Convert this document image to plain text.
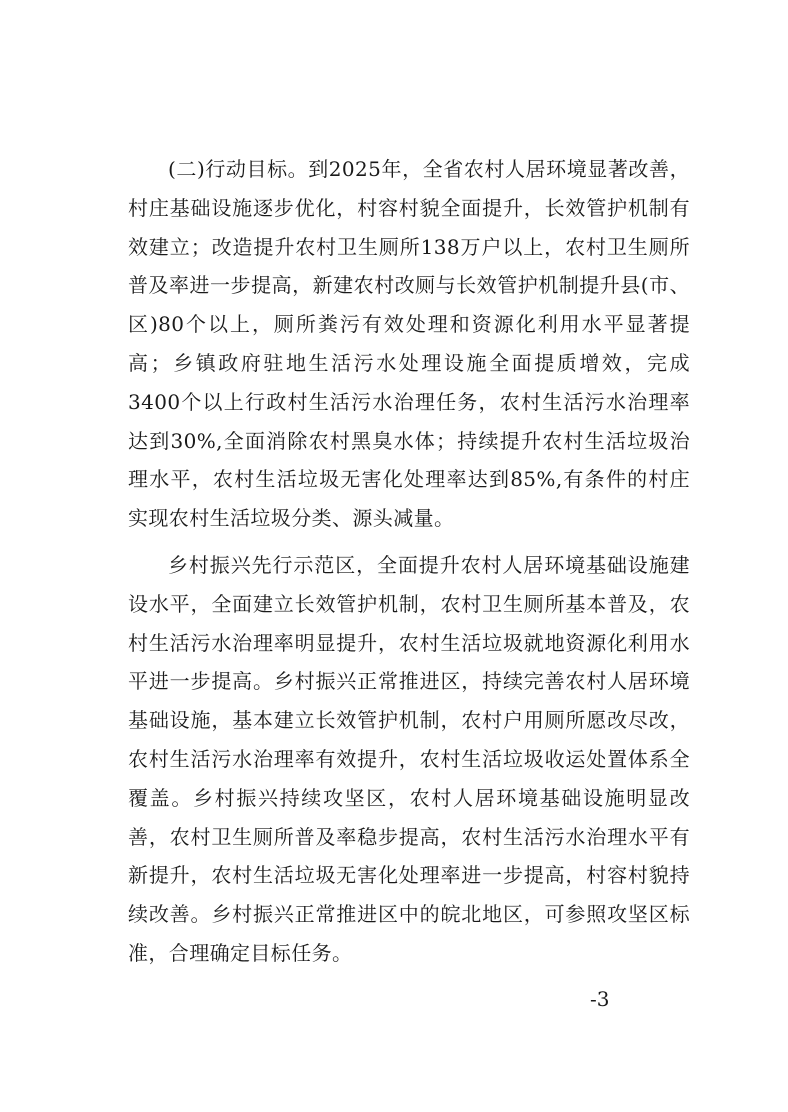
(二)行动目标。到2025年，全省农村人居环境显著改善，村庄基础设施逐步优化，村容村貌全面提升，长效管护机制有效建立；改造提升农村卫生厕所138万户以上，农村卫生厕所普及率进一步提高，新建农村改厕与长效管护机制提升县(市、区)80个以上，厕所粪污有效处理和资源化利用水平显著提高；乡镇政府驻地生活污水处理设施全面提质增效，完成3400个以上行政村生活污水治理任务，农村生活污水治理率达到30%,全面消除农村黑臭水体；持续提升农村生活垃圾治理水平，农村生活垃圾无害化处理率达到85%,有条件的村庄实现农村生活垃圾分类、源头减量。

乡村振兴先行示范区，全面提升农村人居环境基础设施建设水平，全面建立长效管护机制，农村卫生厕所基本普及，农村生活污水治理率明显提升，农村生活垃圾就地资源化利用水平进一步提高。乡村振兴正常推进区，持续完善农村人居环境基础设施，基本建立长效管护机制，农村户用厕所愿改尽改，农村生活污水治理率有效提升，农村生活垃圾收运处置体系全覆盖。乡村振兴持续攻坚区，农村人居环境基础设施明显改善，农村卫生厕所普及率稳步提高，农村生活污水治理水平有新提升，农村生活垃圾无害化处理率进一步提高，村容村貌持续改善。乡村振兴正常推进区中的皖北地区，可参照攻坚区标准，合理确定目标任务。

-3
